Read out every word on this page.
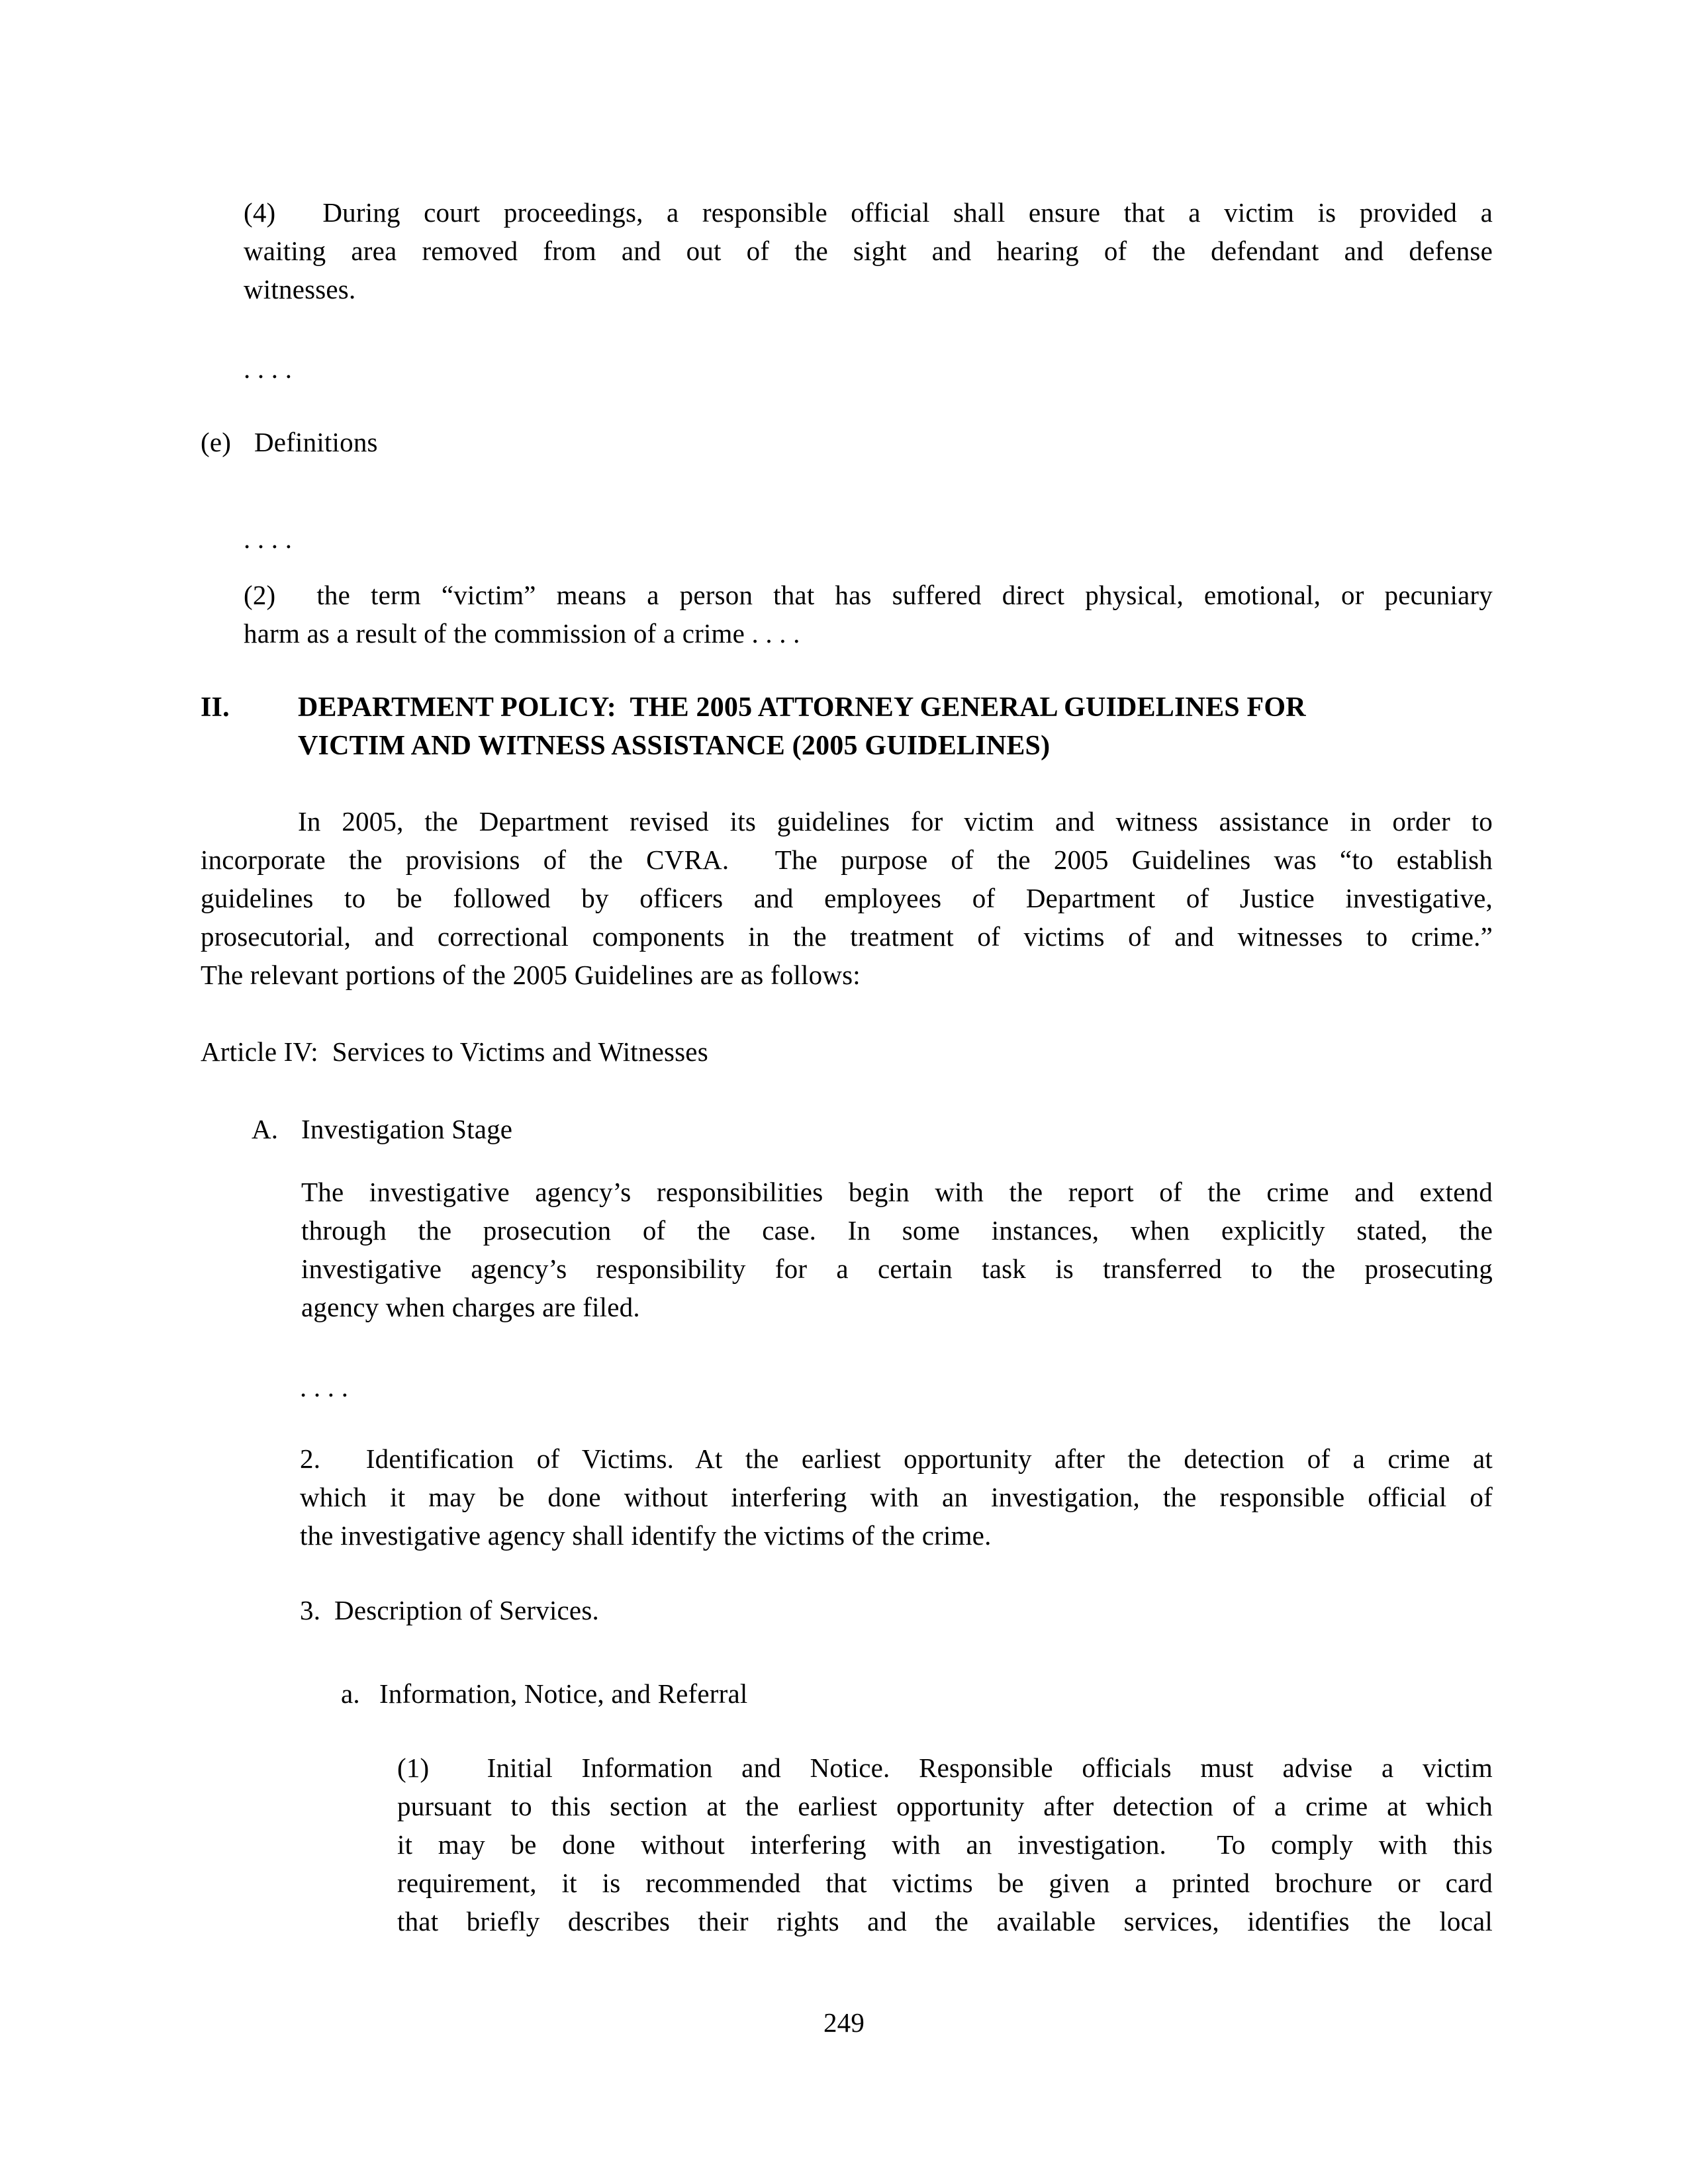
(4)  During court proceedings, a responsible official shall ensure that a victim is provided a
waiting area removed from and out of the sight and hearing of the defendant and defense
witnesses.
. . . .
(e) Definitions
. . . .
(2)  the term “victim” means a person that has suffered direct physical, emotional, or pecuniary
harm as a result of the commission of a crime . . . .
II. DEPARTMENT POLICY:  THE 2005 ATTORNEY GENERAL GUIDELINES FOR
VICTIM AND WITNESS ASSISTANCE (2005 GUIDELINES)
In 2005, the Department revised its guidelines for victim and witness assistance in order to
incorporate the provisions of the CVRA.  The purpose of the 2005 Guidelines was “to establish
guidelines to be followed by officers and employees of Department of Justice investigative,
prosecutorial, and correctional components in the treatment of victims of and witnesses to crime.”
The relevant portions of the 2005 Guidelines are as follows:
Article IV:  Services to Victims and Witnesses
A. Investigation Stage
The investigative agency’s responsibilities begin with the report of the crime and extend
through the prosecution of the case. In some instances, when explicitly stated, the
investigative agency’s responsibility for a certain task is transferred to the prosecuting
agency when charges are filed.
. . . .
2.  Identification of Victims. At the earliest opportunity after the detection of a crime at
which it may be done without interfering with an investigation, the responsible official of
the investigative agency shall identify the victims of the crime.
3.  Description of Services.
a. Information, Notice, and Referral
(1)  Initial Information and Notice. Responsible officials must advise a victim
pursuant to this section at the earliest opportunity after detection of a crime at which
it may be done without interfering with an investigation.  To comply with this
requirement, it is recommended that victims be given a printed brochure or card
that briefly describes their rights and the available services, identifies the local
249
